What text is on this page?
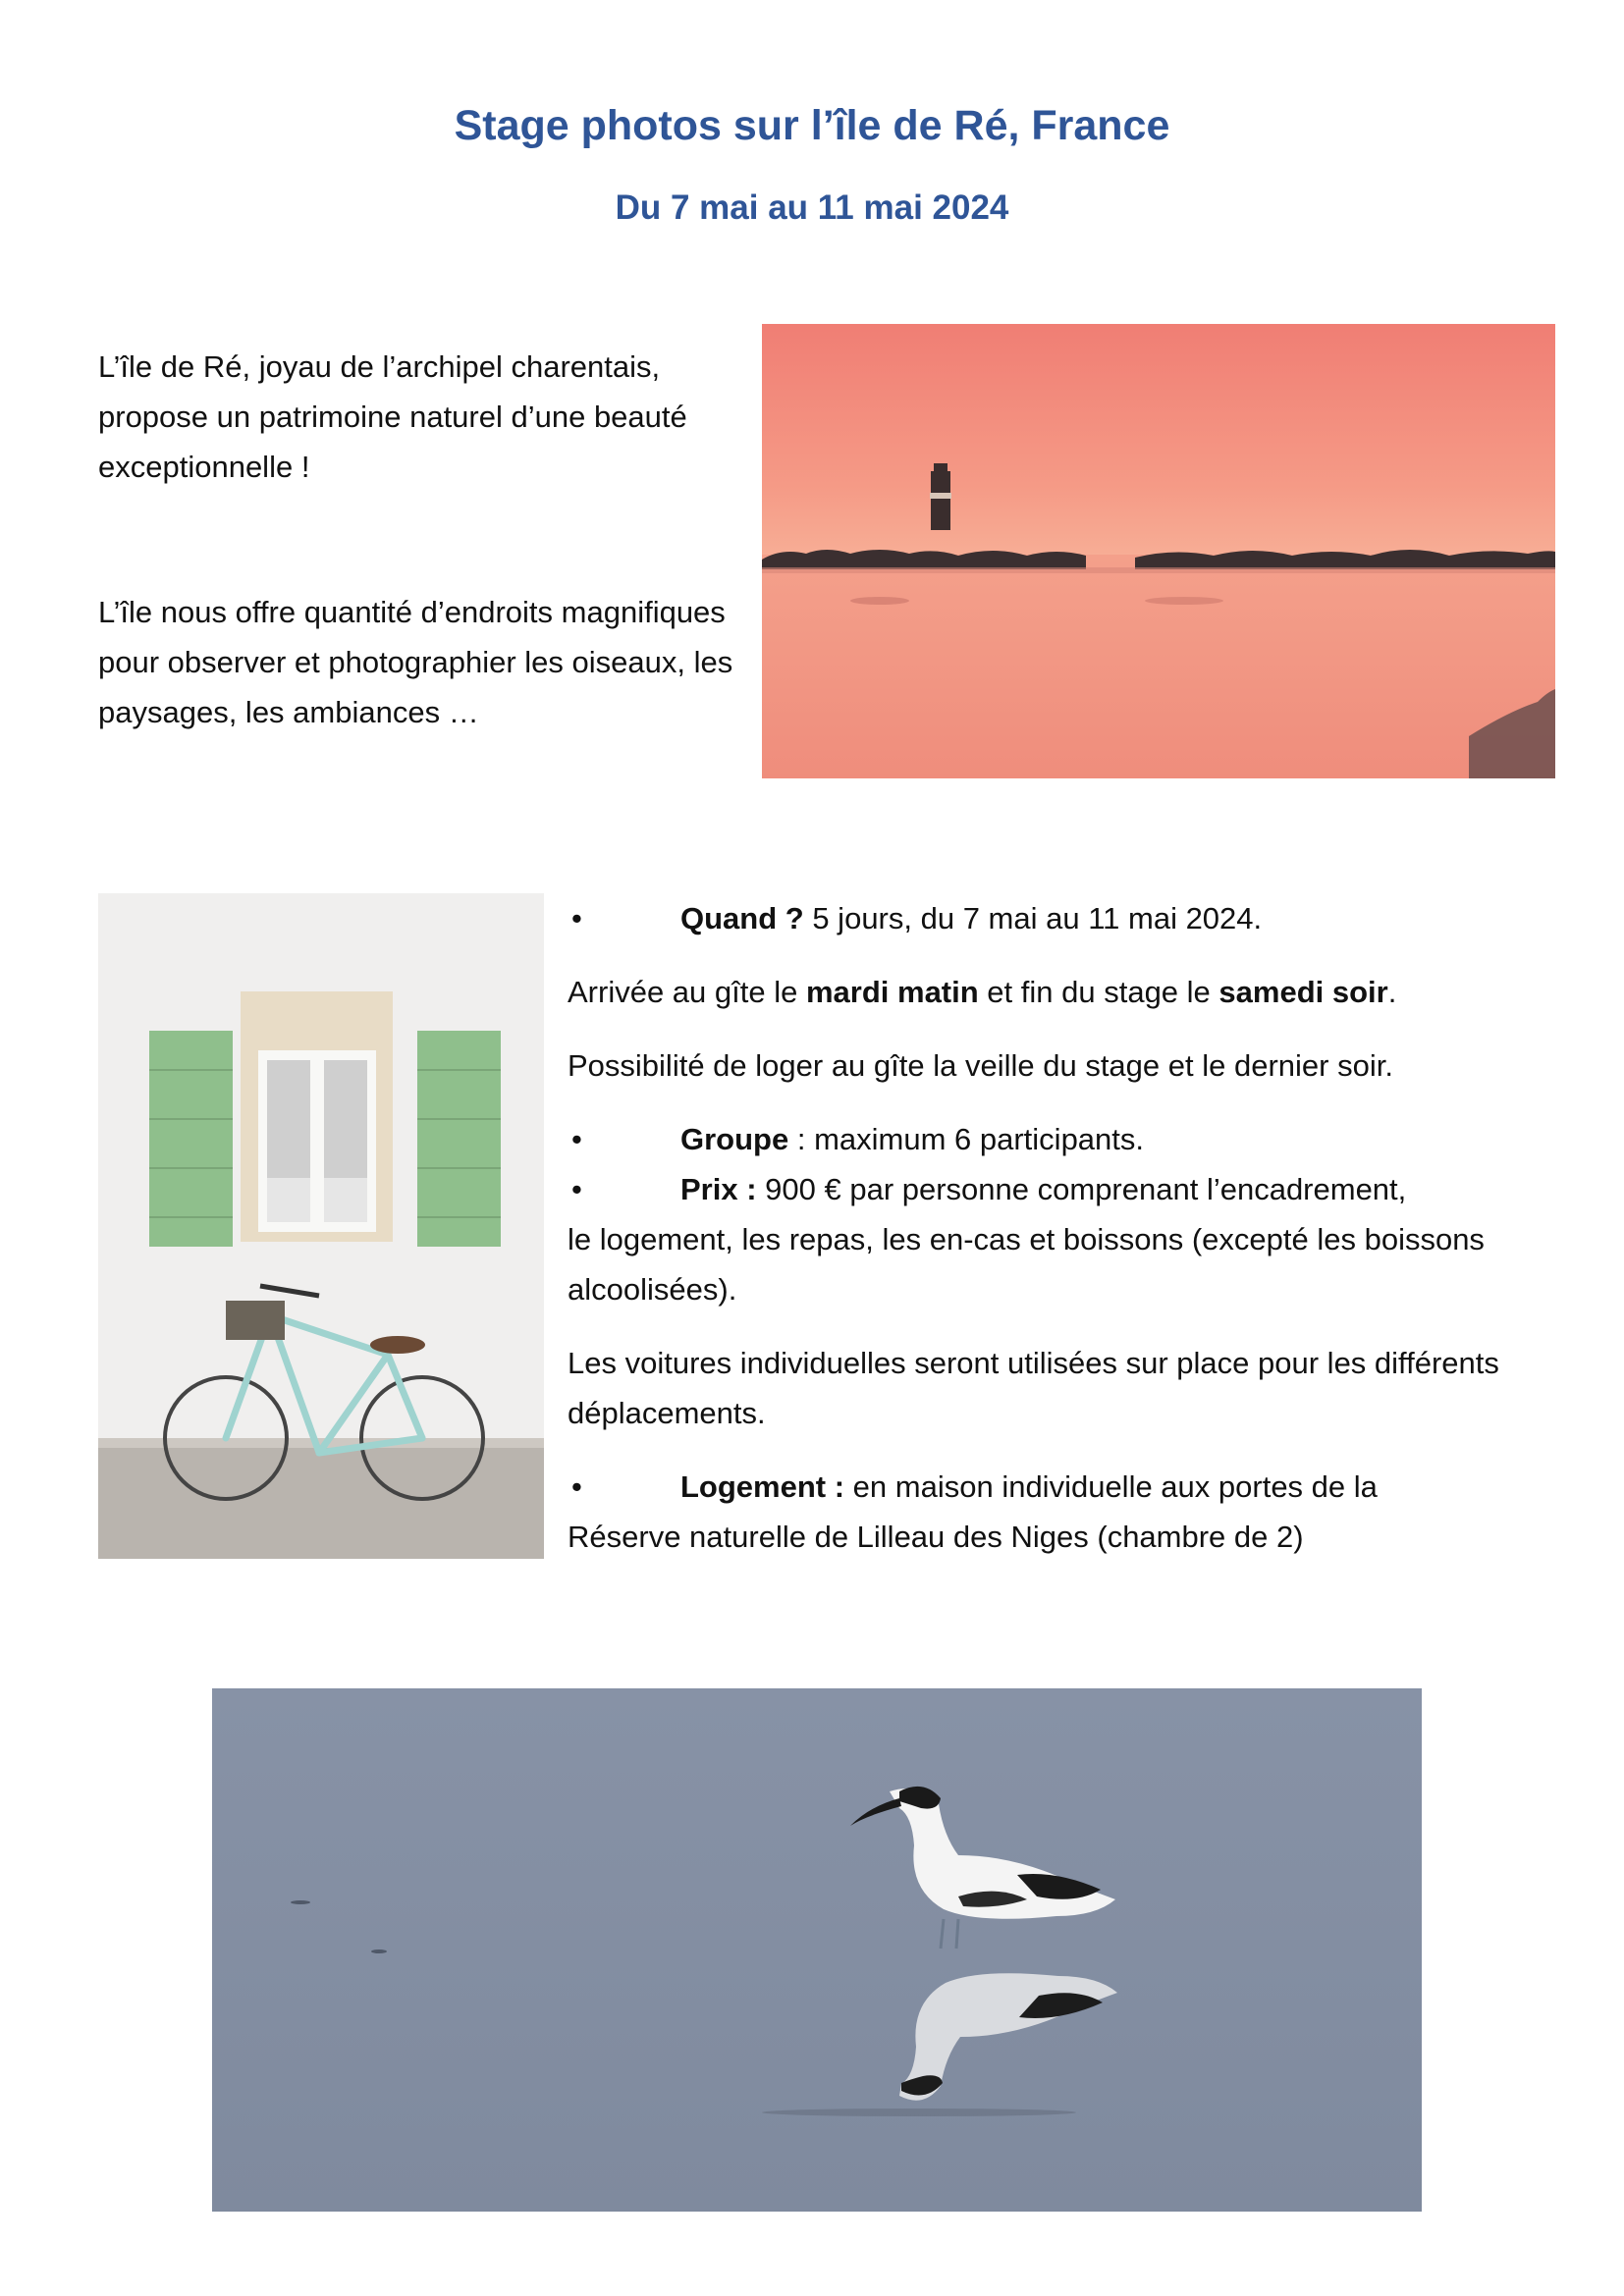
Stage photos sur l’île de Ré, France
Du 7 mai au 11 mai 2024
L’île de Ré, joyau de l’archipel charentais, propose un patrimoine naturel d’une beauté exceptionnelle !
L’île nous offre quantité d’endroits magnifiques pour observer et photographier les oiseaux, les paysages, les ambiances …
•	Quand ? 5 jours, du 7 mai au 11 mai 2024.

Arrivée au gîte le mardi matin et fin du stage le samedi soir.

Possibilité de loger au gîte la veille du stage et le dernier soir.

•	Groupe : maximum 6 participants.
•	Prix : 900 € par personne comprenant l’encadrement,

le logement, les repas, les en-cas et boissons (excepté les boissons alcoolisées).

Les voitures individuelles seront utilisées sur place pour les différents déplacements.

•	Logement : en maison individuelle aux portes de la

Réserve naturelle de Lilleau des Niges (chambre de 2)
